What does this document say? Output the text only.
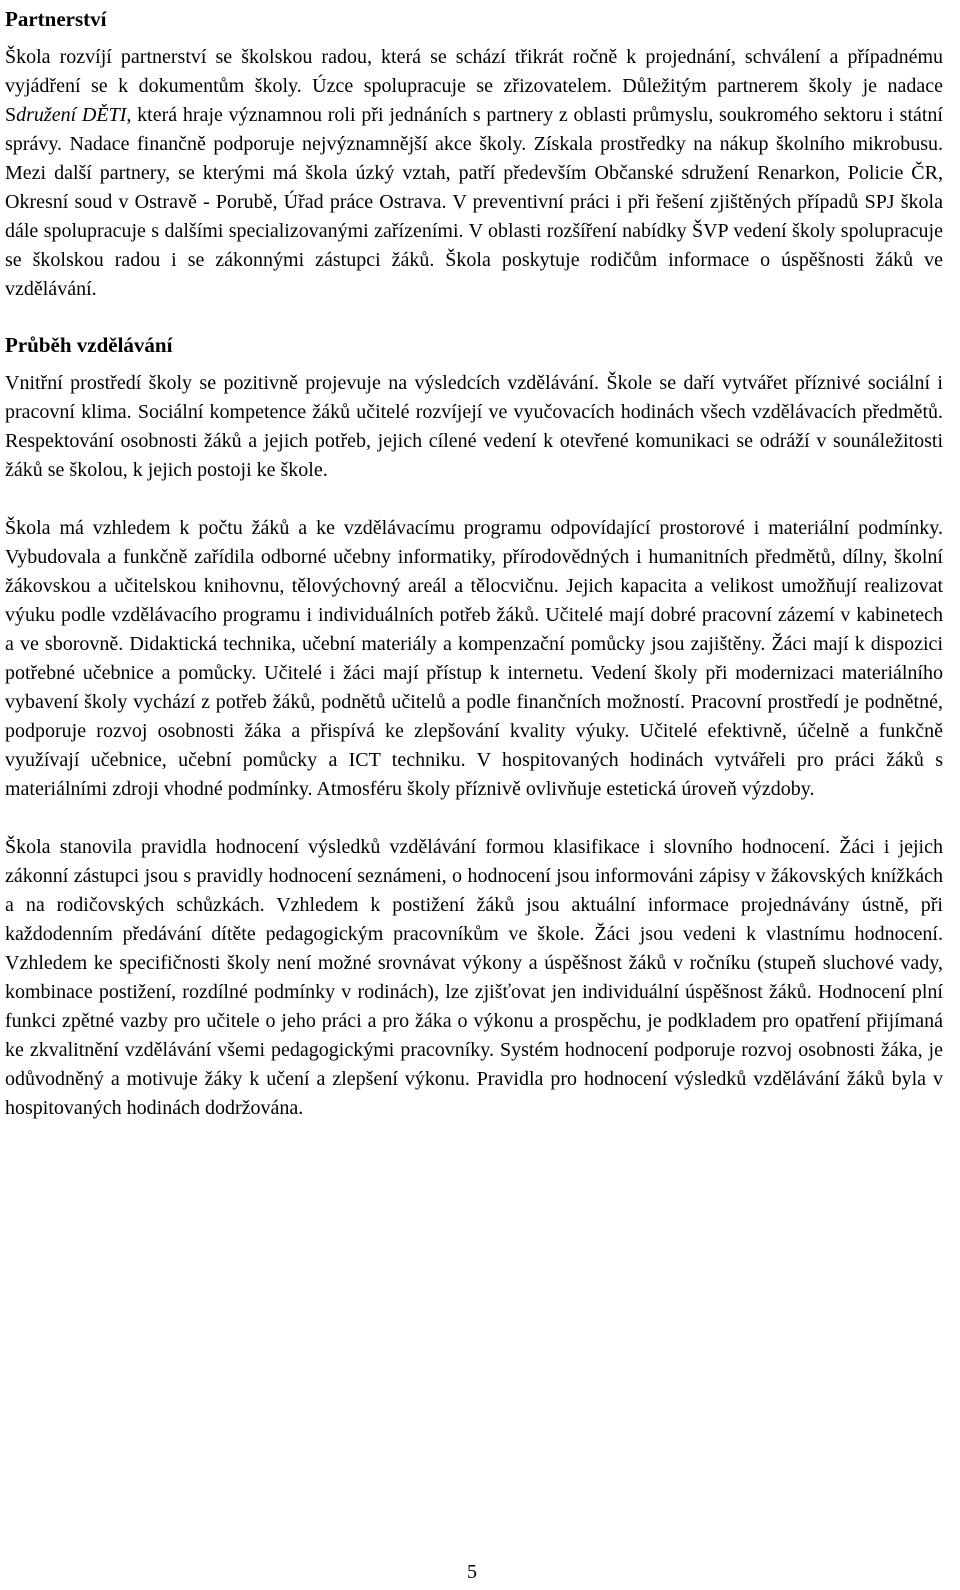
Partnerství

Škola rozvíjí partnerství se školskou radou, která se schází třikrát ročně k projednání, schválení a případnému vyjádření se k dokumentům školy. Úzce spolupracuje se zřizovatelem. Důležitým partnerem školy je nadace Sdružení DĚTI, která hraje významnou roli při jednáních s partnery z oblasti průmyslu, soukromého sektoru i státní správy. Nadace finančně podporuje nejvýznamnější akce školy. Získala prostředky na nákup školního mikrobusu. Mezi další partnery, se kterými má škola úzký vztah, patří především Občanské sdružení Renarkon, Policie ČR, Okresní soud v Ostravě - Porubě, Úřad práce Ostrava. V preventivní práci i při řešení zjištěných případů SPJ škola dále spolupracuje s dalšími specializovanými zařízeními. V oblasti rozšíření nabídky ŠVP vedení školy spolupracuje se školskou radou i se zákonnými zástupci žáků. Škola poskytuje rodičům informace o úspěšnosti žáků ve vzdělávání.

Průběh vzdělávání

Vnitřní prostředí školy se pozitivně projevuje na výsledcích vzdělávání. Škole se daří vytvářet příznivé sociální i pracovní klima. Sociální kompetence žáků učitelé rozvíjejí ve vyučovacích hodinách všech vzdělávacích předmětů. Respektování osobnosti žáků a jejich potřeb, jejich cílené vedení k otevřené komunikaci se odráží v sounáležitosti žáků se školou, k jejich postoji ke škole.

Škola má vzhledem k počtu žáků a ke vzdělávacímu programu odpovídající prostorové i materiální podmínky. Vybudovala a funkčně zařídila odborné učebny informatiky, přírodovědných i humanitních předmětů, dílny, školní žákovskou a učitelskou knihovnu, tělovýchovný areál a tělocvičnu. Jejich kapacita a velikost umožňují realizovat výuku podle vzdělávacího programu i individuálních potřeb žáků. Učitelé mají dobré pracovní zázemí v kabinetech a ve sborovně. Didaktická technika, učební materiály a kompenzační pomůcky jsou zajištěny. Žáci mají k dispozici potřebné učebnice a pomůcky. Učitelé i žáci mají přístup k internetu. Vedení školy při modernizaci materiálního vybavení školy vychází z potřeb žáků, podnětů učitelů a podle finančních možností. Pracovní prostředí je podnětné, podporuje rozvoj osobnosti žáka a přispívá ke zlepšování kvality výuky. Učitelé efektivně, účelně a funkčně využívají učebnice, učební pomůcky a ICT techniku. V hospitovaných hodinách vytvářeli pro práci žáků s materiálními zdroji vhodné podmínky. Atmosféru školy příznivě ovlivňuje estetická úroveň výzdoby.

Škola stanovila pravidla hodnocení výsledků vzdělávání formou klasifikace i slovního hodnocení. Žáci i jejich zákonní zástupci jsou s pravidly hodnocení seznámeni, o hodnocení jsou informováni zápisy v žákovských knížkách a na rodičovských schůzkách. Vzhledem k postižení žáků jsou aktuální informace projednávány ústně, při každodenním předávání dítěte pedagogickým pracovníkům ve škole. Žáci jsou vedeni k vlastnímu hodnocení. Vzhledem ke specifičnosti školy není možné srovnávat výkony a úspěšnost žáků v ročníku (stupeň sluchové vady, kombinace postižení, rozdílné podmínky v rodinách), lze zjišťovat jen individuální úspěšnost žáků. Hodnocení plní funkci zpětné vazby pro učitele o jeho práci a pro žáka o výkonu a prospěchu, je podkladem pro opatření přijímaná ke zkvalitnění vzdělávání všemi pedagogickými pracovníky. Systém hodnocení podporuje rozvoj osobnosti žáka, je odůvodněný a motivuje žáky k učení a zlepšení výkonu. Pravidla pro hodnocení výsledků vzdělávání žáků byla v hospitovaných hodinách dodržována.

5
